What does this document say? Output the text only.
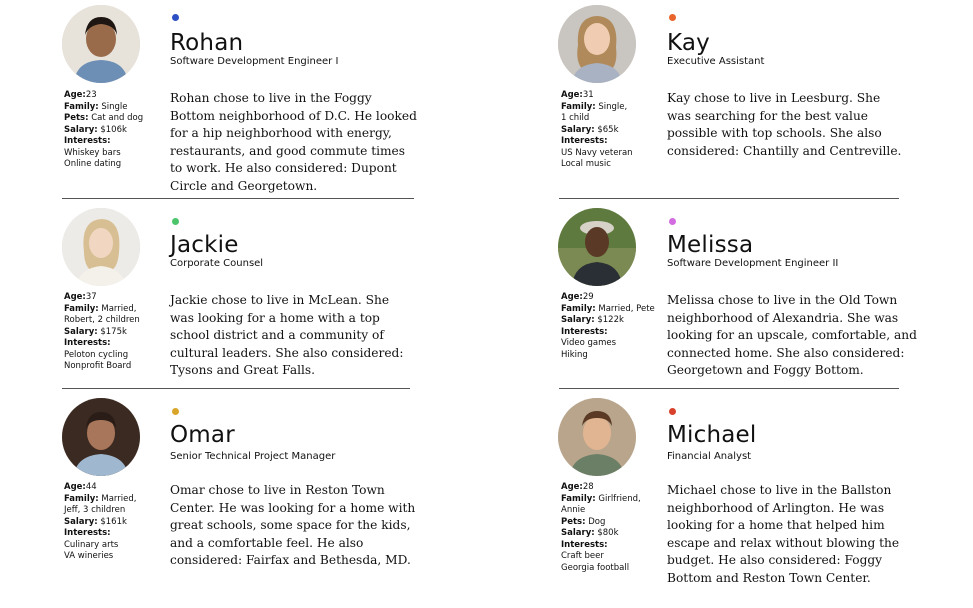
Rohan
Software Development Engineer I
Age:23
Family: Single
Pets: Cat and dog
Salary: $106k
Interests:
Whiskey bars
Online dating
Rohan chose to live in the Foggy Bottom neighborhood of D.C. He looked for a hip neighborhood with energy, restaurants, and good commute times to work. He also considered: Dupont Circle and Georgetown.
Kay
Executive Assistant
Age:31
Family: Single,
1 child
Salary: $65k
Interests:
US Navy veteran
Local music
Kay chose to live in Leesburg. She was searching for the best value possible with top schools. She also considered: Chantilly and Centreville.
Jackie
Corporate Counsel
Age:37
Family: Married,
Robert, 2 children
Salary: $175k
Interests:
Peloton cycling
Nonprofit Board
Jackie chose to live in McLean. She was looking for a home with a top school district and a community of cultural leaders. She also considered: Tysons and Great Falls.
Melissa
Software Development Engineer II
Age:29
Family: Married, Pete
Salary: $122k
Interests:
Video games
Hiking
Melissa chose to live in the Old Town neighborhood of Alexandria. She was looking for an upscale, comfortable, and connected home. She also considered: Georgetown and Foggy Bottom.
Omar
Senior Technical Project Manager
Age:44
Family: Married,
Jeff, 3 children
Salary: $161k
Interests:
Culinary arts
VA wineries
Omar chose to live in Reston Town Center. He was looking for a home with great schools, some space for the kids, and a comfortable feel. He also considered: Fairfax and Bethesda, MD.
Michael
Financial Analyst
Age:28
Family: Girlfriend,
Annie
Pets: Dog
Salary: $80k
Interests:
Craft beer
Georgia football
Michael chose to live in the Ballston neighborhood of Arlington. He was looking for a home that helped him escape and relax without blowing the budget. He also considered: Foggy Bottom and Reston Town Center.
